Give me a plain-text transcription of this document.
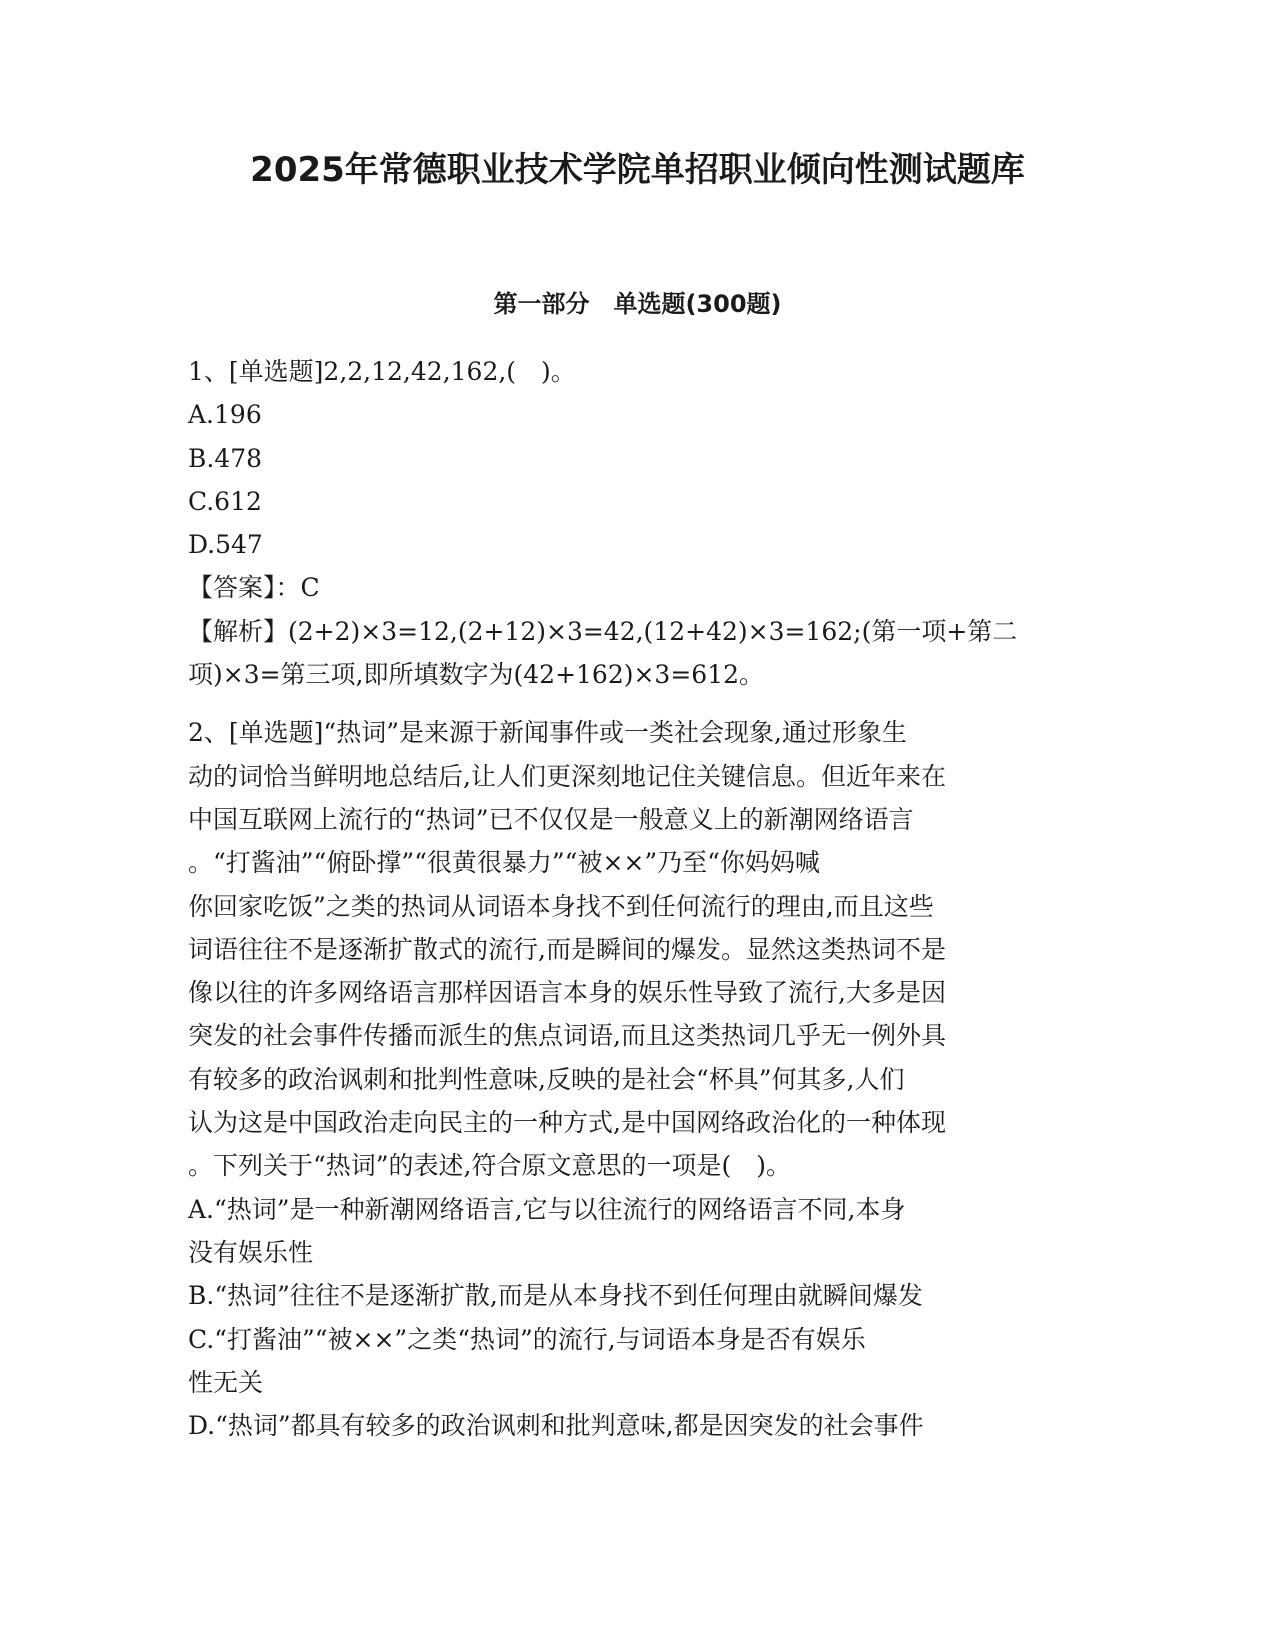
2025年常德职业技术学院单招职业倾向性测试题库
第一部分　单选题(300题)
1、[单选题]2,2,12,42,162,(　)。
A.196
B.478
C.612
D.547
【答案】：C
【解析】(2+2)×3=12,(2+12)×3=42,(12+42)×3=162;(第一项+第二
项)×3=第三项,即所填数字为(42+162)×3=612。
2、[单选题]“热词”是来源于新闻事件或一类社会现象,通过形象生
动的词恰当鲜明地总结后,让人们更深刻地记住关键信息。但近年来在
中国互联网上流行的“热词”已不仅仅是一般意义上的新潮网络语言
。“打酱油”“俯卧撑”“很黄很暴力”“被××”乃至“你妈妈喊
你回家吃饭”之类的热词从词语本身找不到任何流行的理由,而且这些
词语往往不是逐渐扩散式的流行,而是瞬间的爆发。显然这类热词不是
像以往的许多网络语言那样因语言本身的娱乐性导致了流行,大多是因
突发的社会事件传播而派生的焦点词语,而且这类热词几乎无一例外具
有较多的政治讽刺和批判性意味,反映的是社会“杯具”何其多,人们
认为这是中国政治走向民主的一种方式,是中国网络政治化的一种体现
。下列关于“热词”的表述,符合原文意思的一项是(　)。
A.“热词”是一种新潮网络语言,它与以往流行的网络语言不同,本身
没有娱乐性
B.“热词”往往不是逐渐扩散,而是从本身找不到任何理由就瞬间爆发
C.“打酱油”“被××”之类“热词”的流行,与词语本身是否有娱乐
性无关
D.“热词”都具有较多的政治讽刺和批判意味,都是因突发的社会事件
